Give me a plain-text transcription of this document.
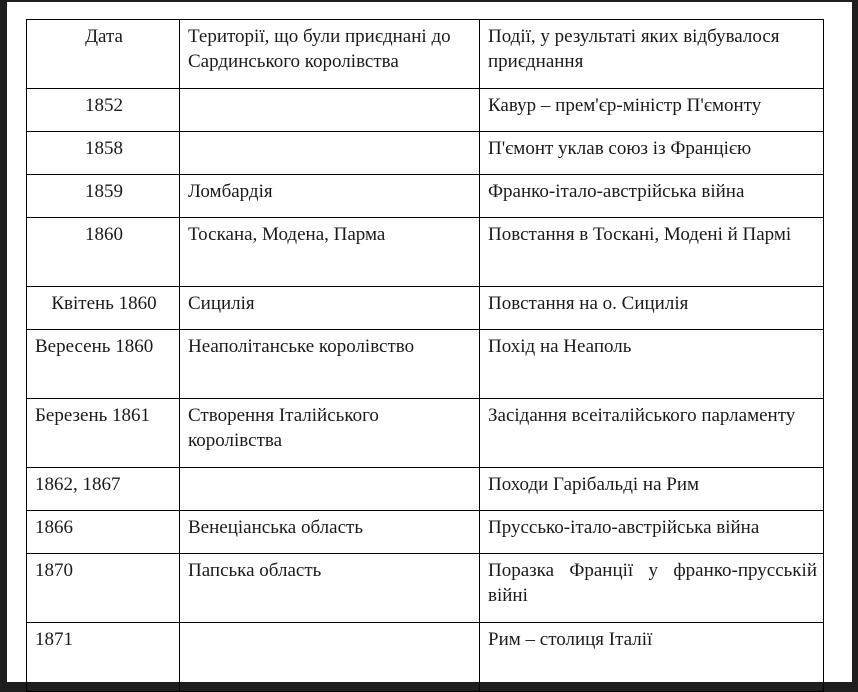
Дата	Території, що були приєднані до Сардинського королівства	Події, у результаті яких відбувалося приєднання
1852		Кавур – прем'єр-міністр П'ємонту
1858		П'ємонт уклав союз із Францією
1859	Ломбардія	Франко-італо-австрійська війна
1860	Тоскана, Модена, Парма	Повстання в Тоскані, Модені й Пармі
Квітень 1860	Сицилія	Повстання на о. Сицилія
Вересень 1860	Неаполітанське королівство	Похід на Неаполь
Березень 1861	Створення Італійського королівства	Засідання всеіталійського парламенту
1862, 1867		Походи Гарібальді на Рим
1866	Венеціанська область	Прусcько-італо-австрійська війна
1870	Папська область	Поразка Франції у франко-прусській війні
1871		Рим – столиця Італії
